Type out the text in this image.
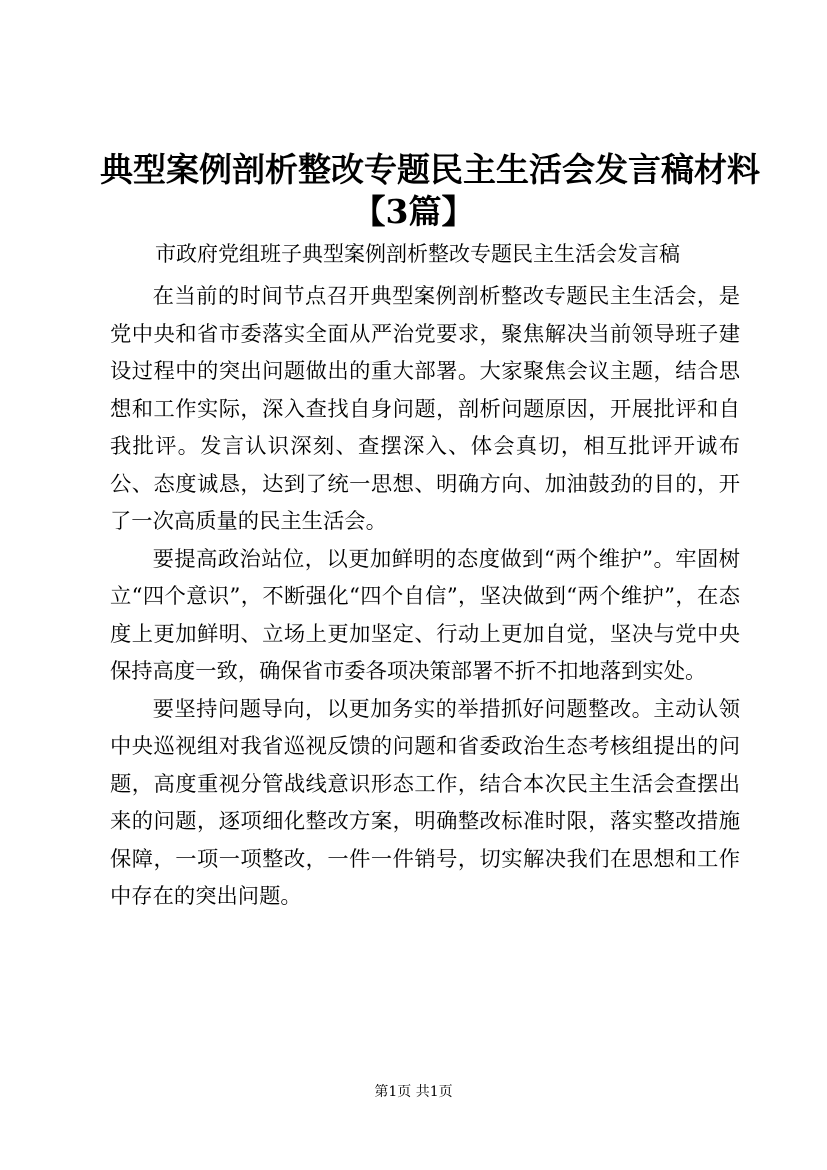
典型案例剖析整改专题民主生活会发言稿材料
【3篇】

市政府党组班子典型案例剖析整改专题民主生活会发言稿

在当前的时间节点召开典型案例剖析整改专题民主生活会，是党中央和省市委落实全面从严治党要求，聚焦解决当前领导班子建设过程中的突出问题做出的重大部署。大家聚焦会议主题，结合思想和工作实际，深入查找自身问题，剖析问题原因，开展批评和自我批评。发言认识深刻、查摆深入、体会真切，相互批评开诚布公、态度诚恳，达到了统一思想、明确方向、加油鼓劲的目的，开了一次高质量的民主生活会。

要提高政治站位，以更加鲜明的态度做到“两个维护”。牢固树立“四个意识”，不断强化“四个自信”，坚决做到“两个维护”，在态度上更加鲜明、立场上更加坚定、行动上更加自觉，坚决与党中央保持高度一致，确保省市委各项决策部署不折不扣地落到实处。

要坚持问题导向，以更加务实的举措抓好问题整改。主动认领中央巡视组对我省巡视反馈的问题和省委政治生态考核组提出的问题，高度重视分管战线意识形态工作，结合本次民主生活会查摆出来的问题，逐项细化整改方案，明确整改标准时限，落实整改措施保障，一项一项整改，一件一件销号，切实解决我们在思想和工作中存在的突出问题。

第1页 共1页
